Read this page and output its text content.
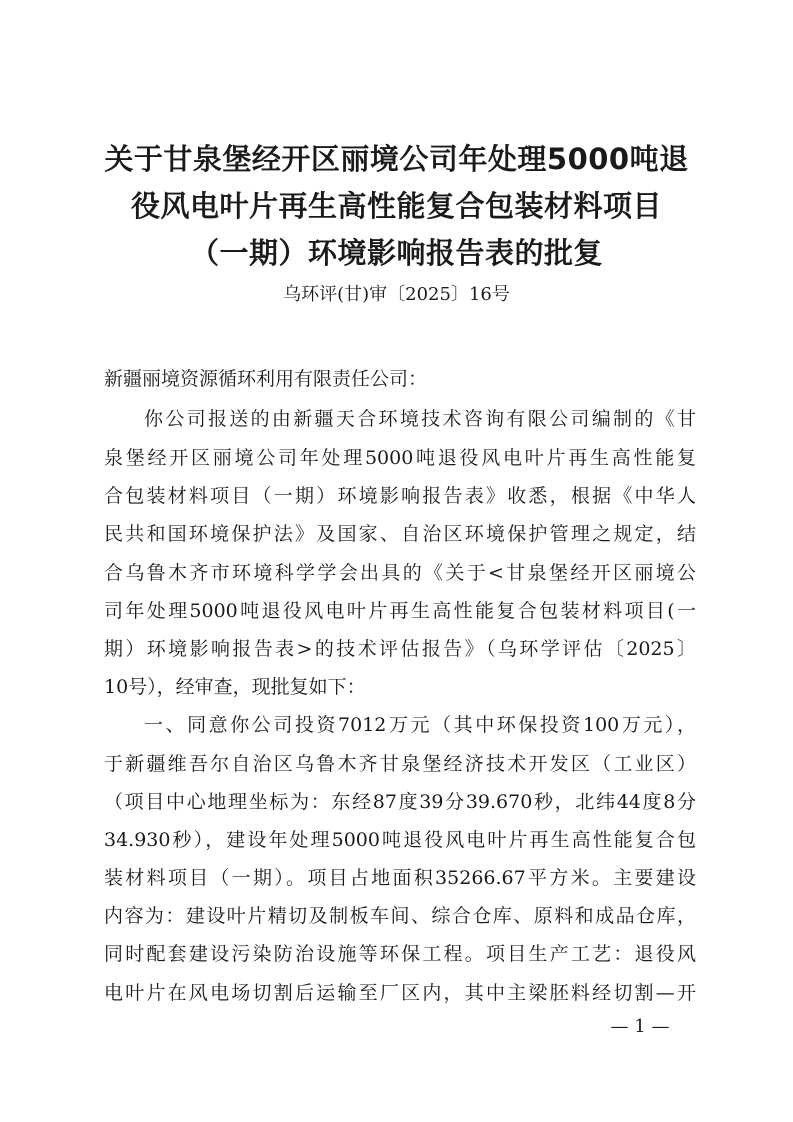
关于甘泉堡经开区丽境公司年处理5000吨退
役风电叶片再生高性能复合包装材料项目
（一期）环境影响报告表的批复
乌环评(甘)审〔2025〕16号
新疆丽境资源循环利用有限责任公司：
你公司报送的由新疆天合环境技术咨询有限公司编制的《甘
泉堡经开区丽境公司年处理5000吨退役风电叶片再生高性能复
合包装材料项目（一期）环境影响报告表》收悉，根据《中华人
民共和国环境保护法》及国家、自治区环境保护管理之规定，结
合乌鲁木齐市环境科学学会出具的《关于<甘泉堡经开区丽境公
司年处理5000吨退役风电叶片再生高性能复合包装材料项目(一
期）环境影响报告表>的技术评估报告》（乌环学评估〔2025〕
10号），经审查，现批复如下：
一、同意你公司投资7012万元（其中环保投资100万元），
于新疆维吾尔自治区乌鲁木齐甘泉堡经济技术开发区（工业区）
（项目中心地理坐标为：东经87度39分39.670秒，北纬44度8分
34.930秒），建设年处理5000吨退役风电叶片再生高性能复合包
装材料项目（一期）。项目占地面积35266.67平方米。主要建设
内容为：建设叶片精切及制板车间、综合仓库、原料和成品仓库，
同时配套建设污染防治设施等环保工程。项目生产工艺：退役风
电叶片在风电场切割后运输至厂区内，其中主梁胚料经切割—开
— 1 —
